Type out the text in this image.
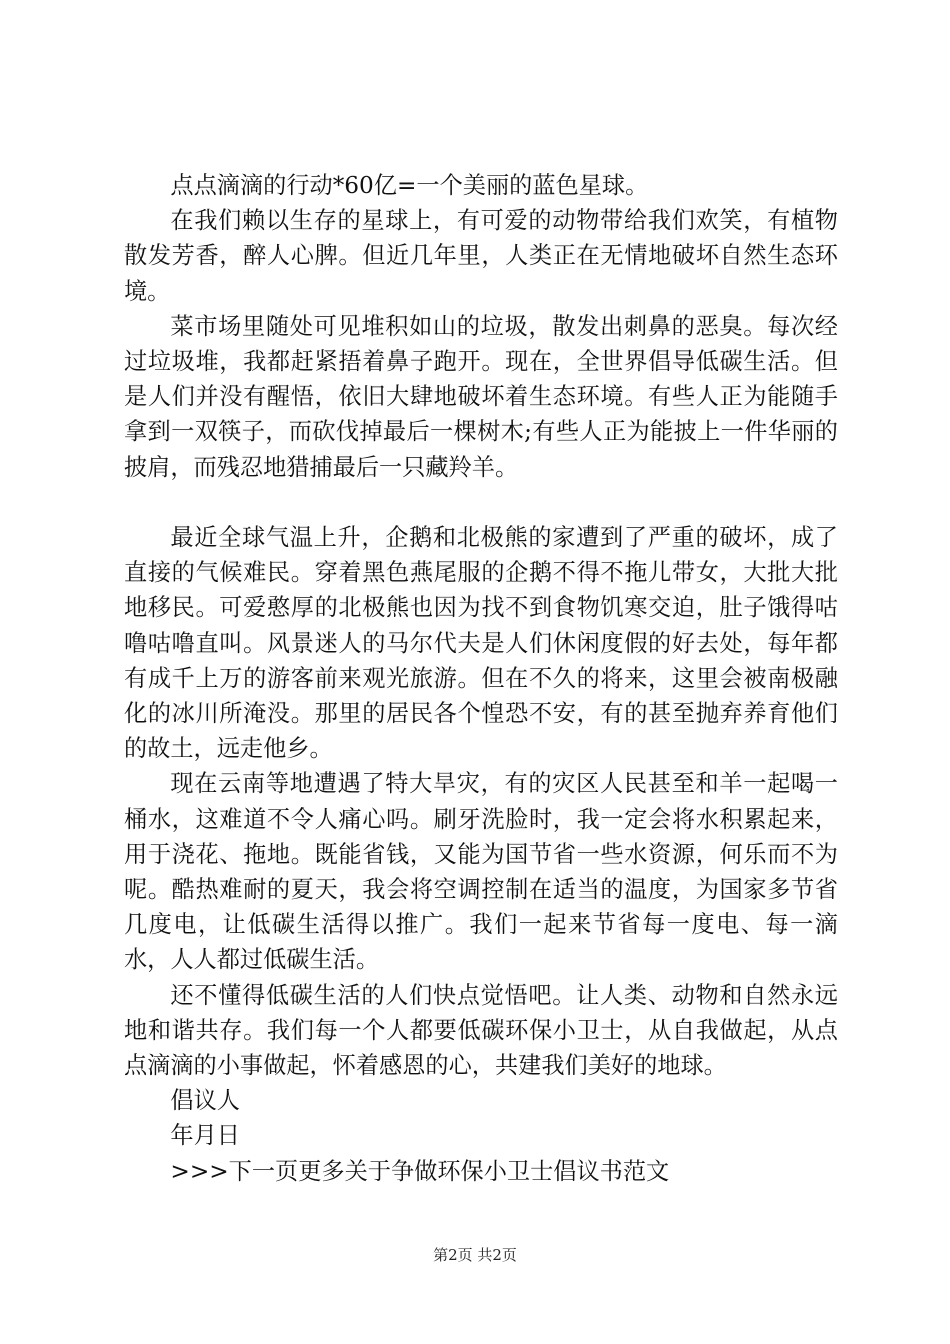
点点滴滴的行动*60亿=一个美丽的蓝色星球。

在我们赖以生存的星球上，有可爱的动物带给我们欢笑，有植物散发芳香，醉人心脾。但近几年里，人类正在无情地破坏自然生态环境。

菜市场里随处可见堆积如山的垃圾，散发出刺鼻的恶臭。每次经过垃圾堆，我都赶紧捂着鼻子跑开。现在，全世界倡导低碳生活。但是人们并没有醒悟，依旧大肆地破坏着生态环境。有些人正为能随手拿到一双筷子，而砍伐掉最后一棵树木;有些人正为能披上一件华丽的披肩，而残忍地猎捕最后一只藏羚羊。

最近全球气温上升，企鹅和北极熊的家遭到了严重的破坏，成了直接的气候难民。穿着黑色燕尾服的企鹅不得不拖儿带女，大批大批地移民。可爱憨厚的北极熊也因为找不到食物饥寒交迫，肚子饿得咕噜咕噜直叫。风景迷人的马尔代夫是人们休闲度假的好去处，每年都有成千上万的游客前来观光旅游。但在不久的将来，这里会被南极融化的冰川所淹没。那里的居民各个惶恐不安，有的甚至抛弃养育他们的故土，远走他乡。

现在云南等地遭遇了特大旱灾，有的灾区人民甚至和羊一起喝一桶水，这难道不令人痛心吗。刷牙洗脸时，我一定会将水积累起来，用于浇花、拖地。既能省钱，又能为国节省一些水资源，何乐而不为呢。酷热难耐的夏天，我会将空调控制在适当的温度，为国家多节省几度电，让低碳生活得以推广。我们一起来节省每一度电、每一滴水，人人都过低碳生活。

还不懂得低碳生活的人们快点觉悟吧。让人类、动物和自然永远地和谐共存。我们每一个人都要低碳环保小卫士，从自我做起，从点点滴滴的小事做起，怀着感恩的心，共建我们美好的地球。

倡议人

年月日

>>>下一页更多关于争做环保小卫士倡议书范文

第2页 共2页
